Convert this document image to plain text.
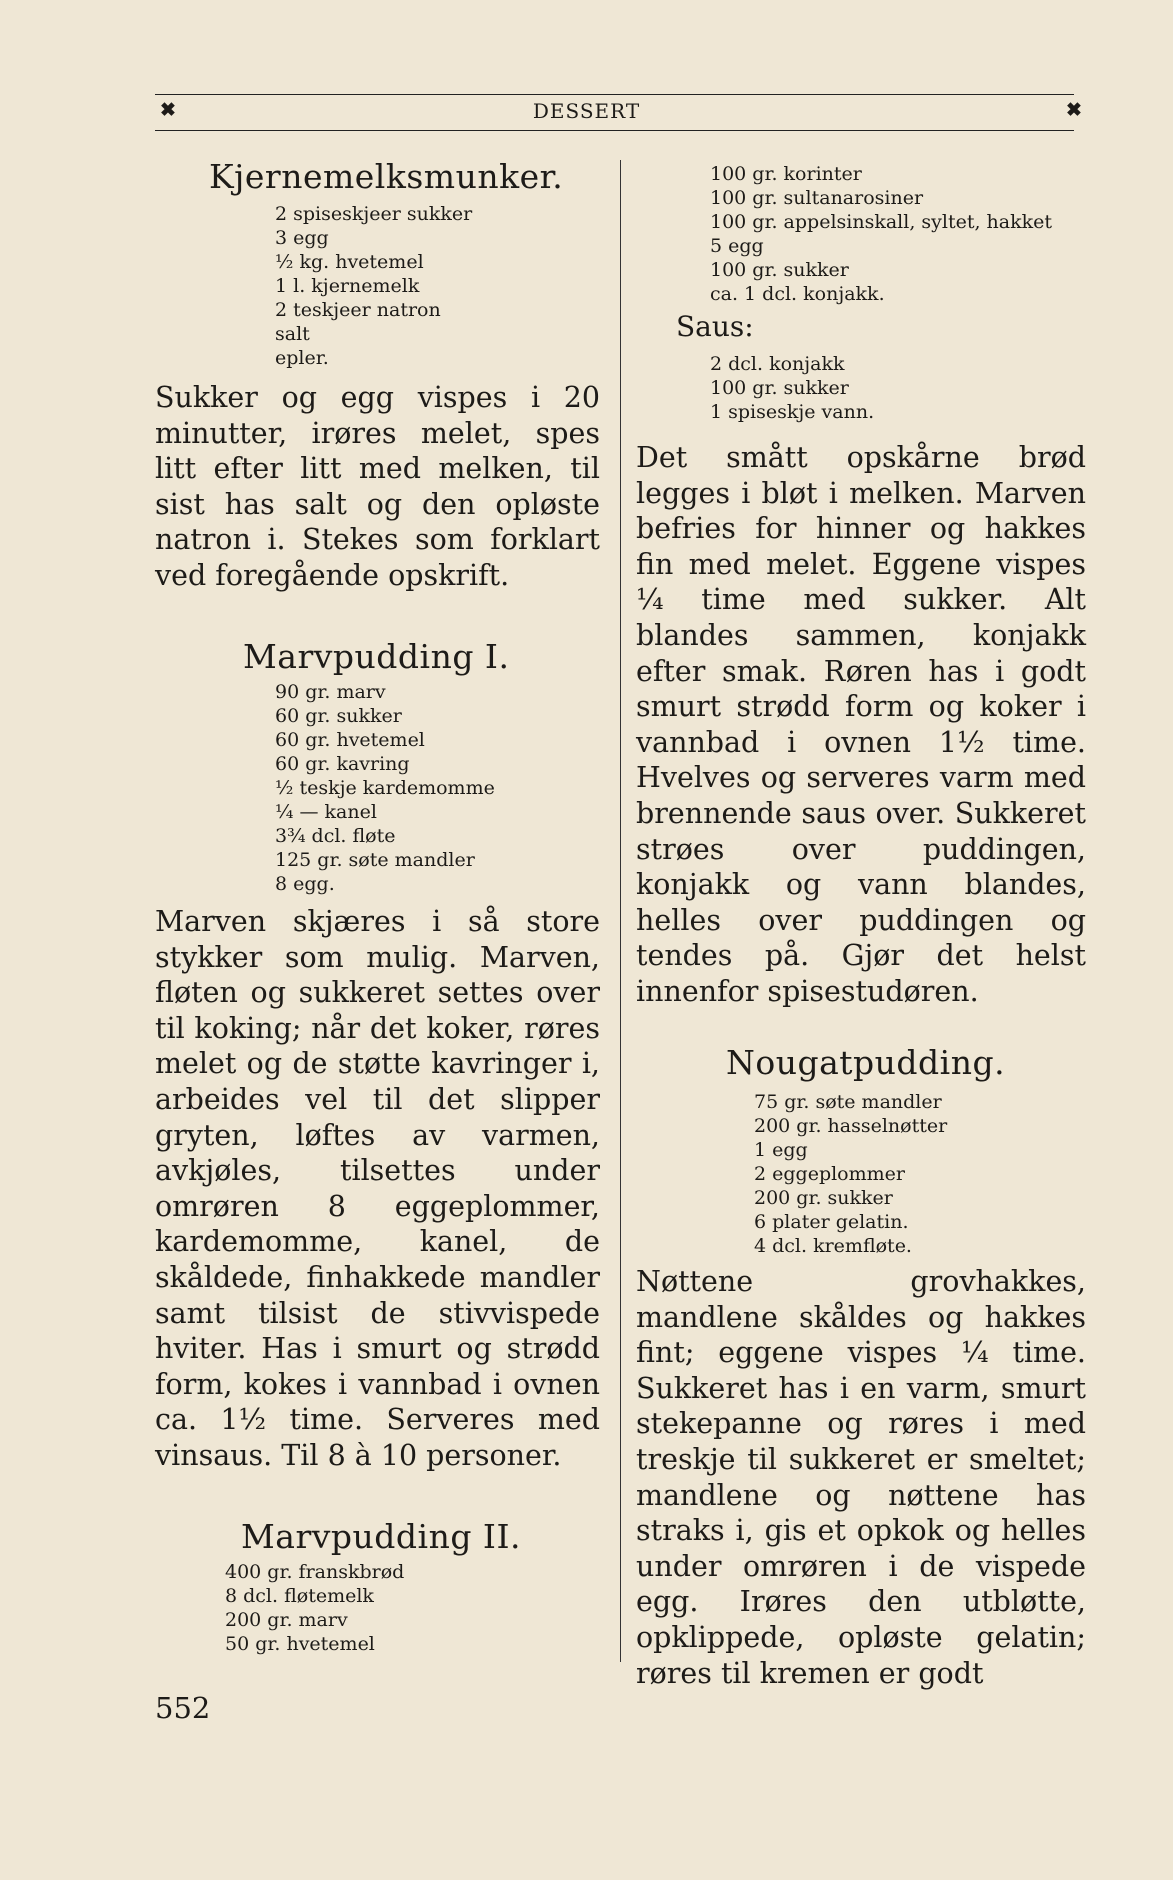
✖	DESSERT	✖
Kjernemelksmunker.
2 spiseskjeer sukker
3 egg
½ kg. hvetemel
1 l. kjernemelk
2 teskjeer natron
salt
epler.

Sukker og egg vispes i 20 minutter, irøres melet, spes litt efter litt med melken, til sist has salt og den opløste natron i. Stekes som forklart ved foregående opskrift.

Marvpudding I.
90 gr. marv
60 gr. sukker
60 gr. hvetemel
60 gr. kavring
½ teskje kardemomme
¼ — kanel
3¾ dcl. fløte
125 gr. søte mandler
8 egg.

Marven skjæres i så store stykker som mulig. Marven, fløten og sukkeret settes over til koking; når det koker, røres melet og de støtte kavringer i, arbeides vel til det slipper gryten, løftes av varmen, avkjøles, tilsettes under omrøren 8 eggeplommer, kardemomme, kanel, de skåldede, finhakkede mandler samt tilsist de stivvispede hviter. Has i smurt og strødd form, kokes i vannbad i ovnen ca. 1½ time. Serveres med vinsaus. Til 8 à 10 personer.

Marvpudding II.
400 gr. franskbrød
8 dcl. fløtemelk
200 gr. marv
50 gr. hvetemel
100 gr. korinter
100 gr. sultanarosiner
100 gr. appelsinskall, syltet, hakket
5 egg
100 gr. sukker
ca. 1 dcl. konjakk.
Saus:
2 dcl. konjakk
100 gr. sukker
1 spiseskje vann.

Det smått opskårne brød legges i bløt i melken. Marven befries for hinner og hakkes fin med melet. Eggene vispes ¼ time med sukker. Alt blandes sammen, konjakk efter smak. Røren has i godt smurt strødd form og koker i vannbad i ovnen 1½ time. Hvelves og serveres varm med brennende saus over. Sukkeret strøes over puddingen, konjakk og vann blandes, helles over puddingen og tendes på. Gjør det helst innenfor spisestudøren.

Nougatpudding.
75 gr. søte mandler
200 gr. hasselnøtter
1 egg
2 eggeplommer
200 gr. sukker
6 plater gelatin.
4 dcl. kremfløte.

Nøttene grovhakkes, mandlene skåldes og hakkes fint; eggene vispes ¼ time. Sukkeret has i en varm, smurt stekepanne og røres i med treskje til sukkeret er smeltet; mandlene og nøttene has straks i, gis et opkok og helles under omrøren i de vispede egg. Irøres den utbløtte, opklippede, opløste gelatin; røres til kremen er godt

552
